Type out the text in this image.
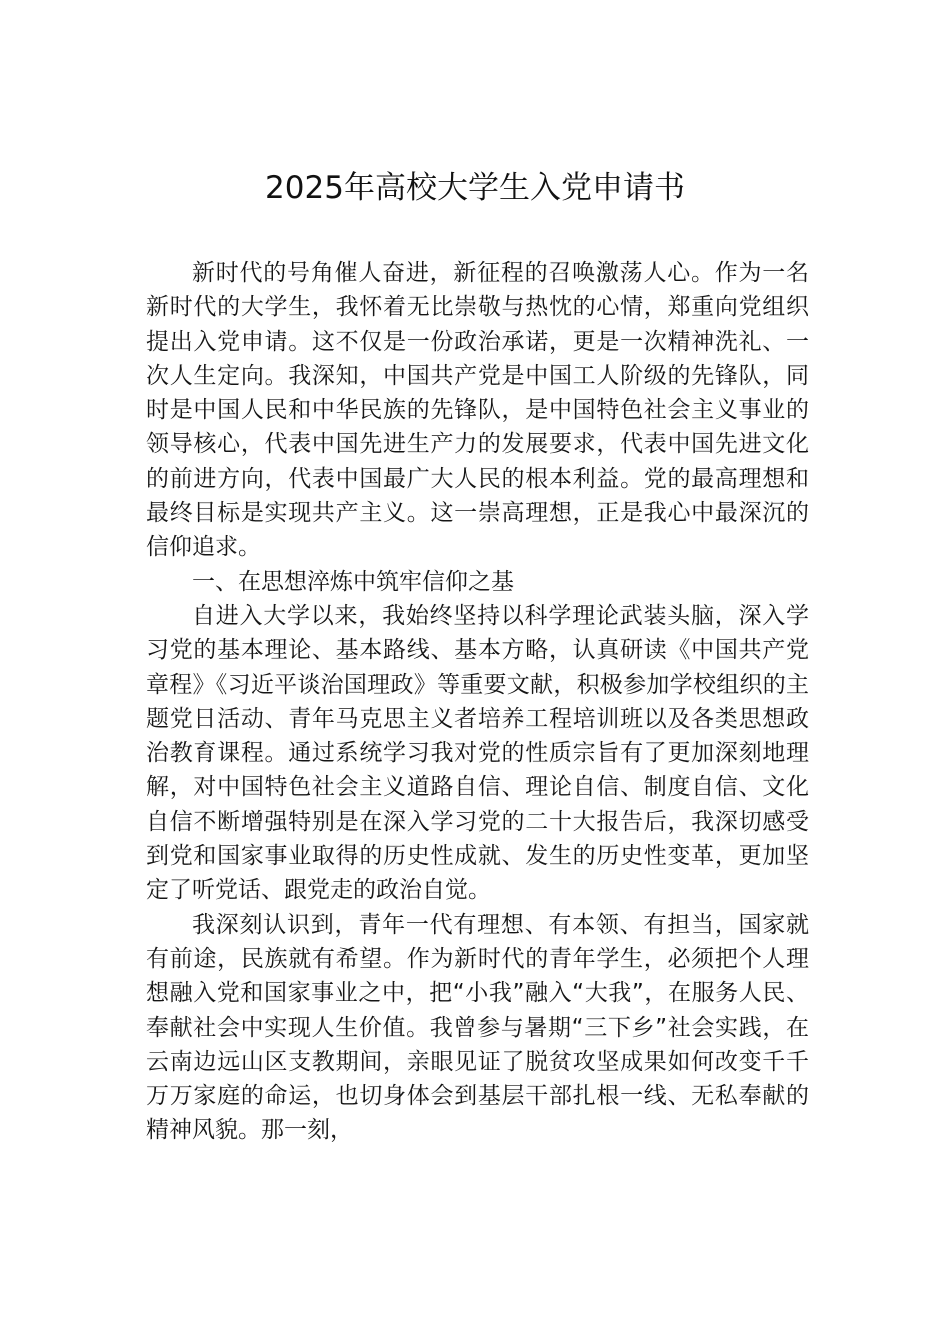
2025年高校大学生入党申请书

新时代的号角催人奋进，新征程的召唤激荡人心。作为一名新时代的大学生，我怀着无比崇敬与热忱的心情，郑重向党组织提出入党申请。这不仅是一份政治承诺，更是一次精神洗礼、一次人生定向。我深知，中国共产党是中国工人阶级的先锋队，同时是中国人民和中华民族的先锋队，是中国特色社会主义事业的领导核心，代表中国先进生产力的发展要求，代表中国先进文化的前进方向，代表中国最广大人民的根本利益。党的最高理想和最终目标是实现共产主义。这一崇高理想，正是我心中最深沉的信仰追求。

一、在思想淬炼中筑牢信仰之基

自进入大学以来，我始终坚持以科学理论武装头脑，深入学习党的基本理论、基本路线、基本方略，认真研读《中国共产党章程》《习近平谈治国理政》等重要文献，积极参加学校组织的主题党日活动、青年马克思主义者培养工程培训班以及各类思想政治教育课程。通过系统学习我对党的性质宗旨有了更加深刻地理解，对中国特色社会主义道路自信、理论自信、制度自信、文化自信不断增强特别是在深入学习党的二十大报告后，我深切感受到党和国家事业取得的历史性成就、发生的历史性变革，更加坚定了听党话、跟党走的政治自觉。

我深刻认识到，青年一代有理想、有本领、有担当，国家就有前途，民族就有希望。作为新时代的青年学生，必须把个人理想融入党和国家事业之中，把“小我”融入“大我”，在服务人民、奉献社会中实现人生价值。我曾参与暑期“三下乡”社会实践，在云南边远山区支教期间，亲眼见证了脱贫攻坚成果如何改变千千万万家庭的命运，也切身体会到基层干部扎根一线、无私奉献的精神风貌。那一刻，
